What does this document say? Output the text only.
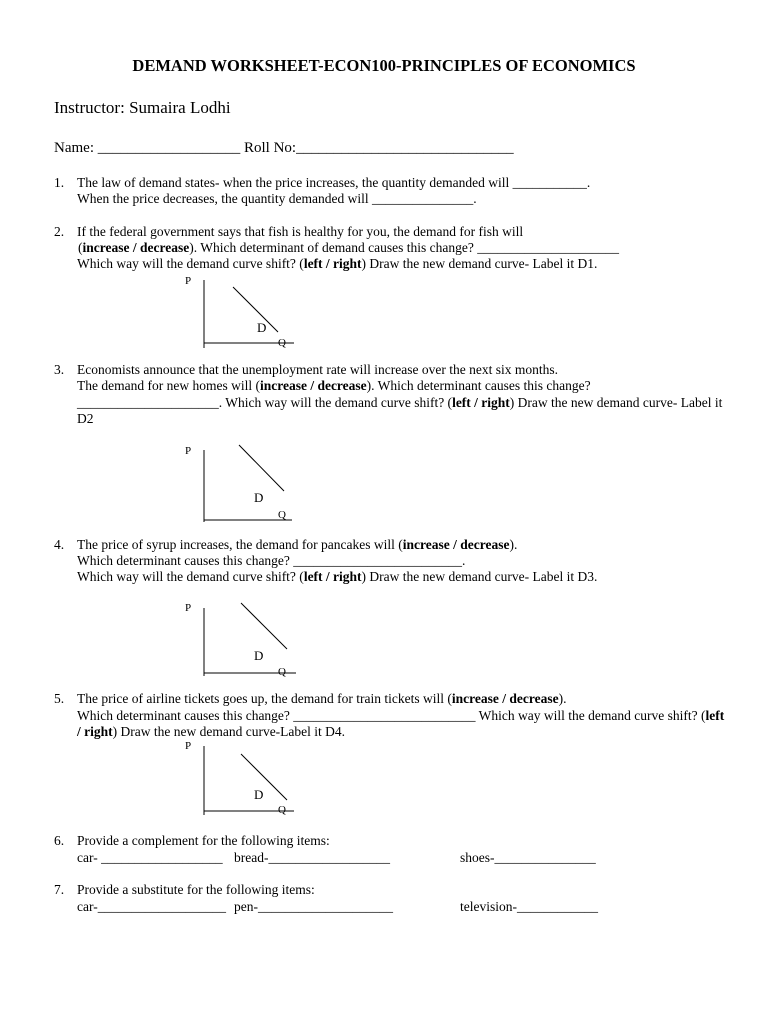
DEMAND WORKSHEET-ECON100-PRINCIPLES OF ECONOMICS
Instructor: Sumaira Lodhi
Name: ___________________ Roll No:_____________________________
1. The law of demand states- when the price increases, the quantity demanded will ___________.
When the price decreases, the quantity demanded will _______________.
2. If the federal government says that fish is healthy for you, the demand for fish will
(increase / decrease). Which determinant of demand causes this change? _____________________
Which way will the demand curve shift? (left / right) Draw the new demand curve- Label it D1.
P
D
Q
3. Economists announce that the unemployment rate will increase over the next six months.
The demand for new homes will (increase / decrease). Which determinant causes this change?
_____________________. Which way will the demand curve shift? (left / right) Draw the new demand curve- Label it
D2
P
D
Q
4. The price of syrup increases, the demand for pancakes will (increase / decrease).
Which determinant causes this change? _________________________.
Which way will the demand curve shift? (left / right) Draw the new demand curve- Label it D3.
P
D
Q
5. The price of airline tickets goes up, the demand for train tickets will (increase / decrease).
Which determinant causes this change? ___________________________ Which way will the demand curve shift? (left
/ right) Draw the new demand curve-Label it D4.
P
D
Q
6. Provide a complement for the following items:
car- __________________ bread-__________________	shoes-_______________
7. Provide a substitute for the following items:
car-___________________ pen-____________________	television-____________
